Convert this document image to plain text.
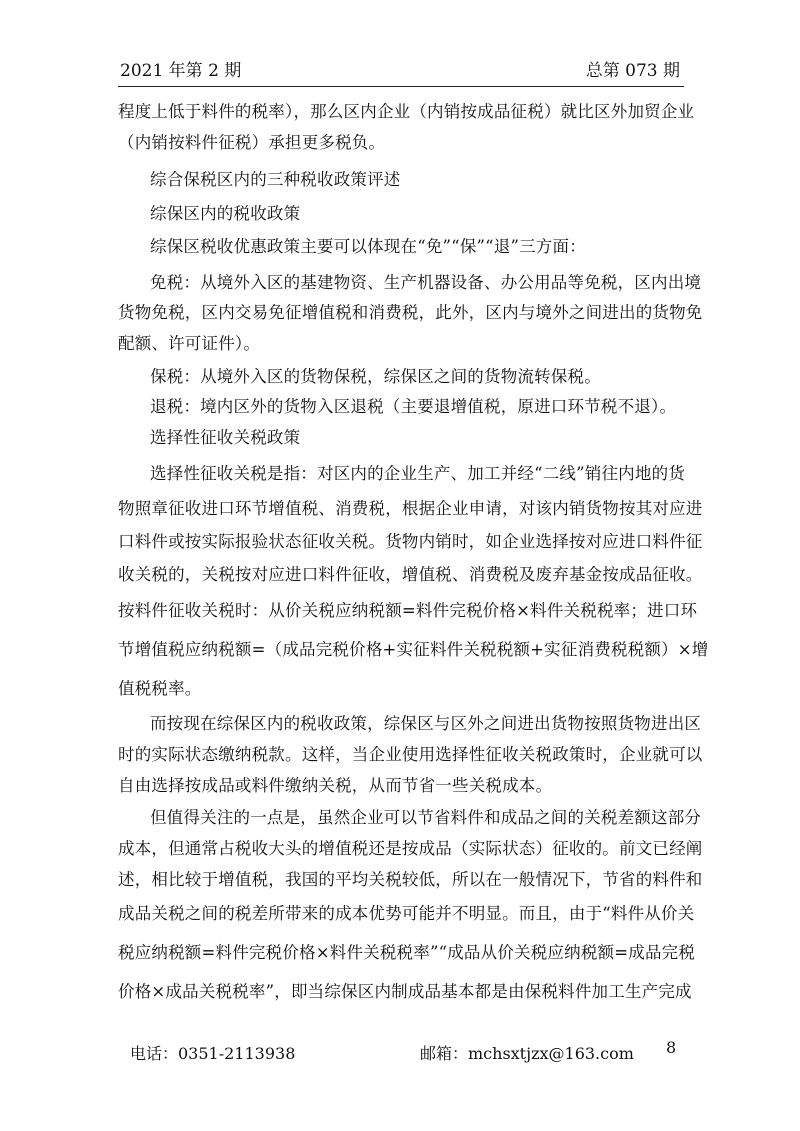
2021 年第 2 期	总第 073 期
程度上低于料件的税率），那么区内企业（内销按成品征税）就比区外加贸企业
（内销按料件征税）承担更多税负。
综合保税区内的三种税收政策评述
综保区内的税收政策
综保区税收优惠政策主要可以体现在“免”“保”“退”三方面：
免税：从境外入区的基建物资、生产机器设备、办公用品等免税，区内出境
货物免税，区内交易免征增值税和消费税，此外，区内与境外之间进出的货物免
配额、许可证件）。
保税：从境外入区的货物保税，综保区之间的货物流转保税。
退税：境内区外的货物入区退税（主要退增值税，原进口环节税不退）。
选择性征收关税政策
选择性征收关税是指：对区内的企业生产、加工并经“二线”销往内地的货
物照章征收进口环节增值税、消费税，根据企业申请，对该内销货物按其对应进
口料件或按实际报验状态征收关税。货物内销时，如企业选择按对应进口料件征
收关税的，关税按对应进口料件征收，增值税、消费税及废弃基金按成品征收。
按料件征收关税时：从价关税应纳税额=料件完税价格×料件关税税率；进口环
节增值税应纳税额=（成品完税价格+实征料件关税税额+实征消费税税额）×增
值税税率。
而按现在综保区内的税收政策，综保区与区外之间进出货物按照货物进出区
时的实际状态缴纳税款。这样，当企业使用选择性征收关税政策时，企业就可以
自由选择按成品或料件缴纳关税，从而节省一些关税成本。
但值得关注的一点是，虽然企业可以节省料件和成品之间的关税差额这部分
成本，但通常占税收大头的增值税还是按成品（实际状态）征收的。前文已经阐
述，相比较于增值税，我国的平均关税较低，所以在一般情况下，节省的料件和
成品关税之间的税差所带来的成本优势可能并不明显。而且，由于“料件从价关
税应纳税额=料件完税价格×料件关税税率”“成品从价关税应纳税额=成品完税
价格×成品关税税率”，即当综保区内制成品基本都是由保税料件加工生产完成
电话：0351-2113938	邮箱：mchsxtjzx@163.com 8
